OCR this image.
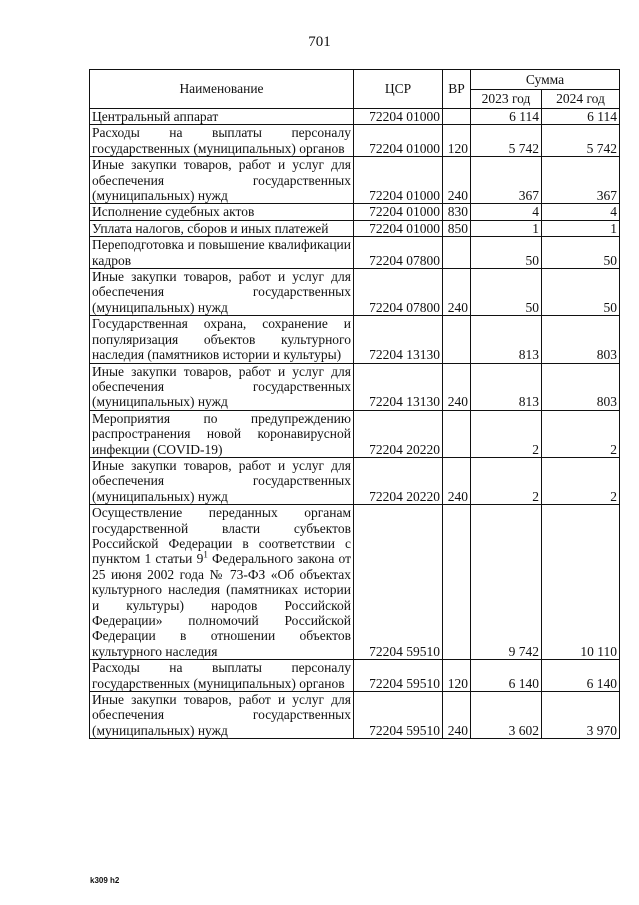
701
Наименование	ЦСР	ВР	Сумма	
			2023 год	2024 год
Центральный аппарат	72204 01000		6 114	6 114
Расходы на выплаты персоналу государственных (муниципальных) органов	72204 01000	120	5 742	5 742
Иные закупки товаров, работ и услуг для обеспечения государственных (муниципальных) нужд	72204 01000	240	367	367
Исполнение судебных актов	72204 01000	830	4	4
Уплата налогов, сборов и иных платежей	72204 01000	850	1	1
Переподготовка и повышение квалификации кадров	72204 07800		50	50
Иные закупки товаров, работ и услуг для обеспечения государственных (муниципальных) нужд	72204 07800	240	50	50
Государственная охрана, сохранение и популяризация объектов культурного наследия (памятников истории и культуры)	72204 13130		813	803
Иные закупки товаров, работ и услуг для обеспечения государственных (муниципальных) нужд	72204 13130	240	813	803
Мероприятия по предупреждению распространения новой коронавирусной инфекции (COVID-19)	72204 20220		2	2
Иные закупки товаров, работ и услуг для обеспечения государственных (муниципальных) нужд	72204 20220	240	2	2
Осуществление переданных органам государственной власти субъектов Российской Федерации в соответствии с пунктом 1 статьи $9^1$ Федерального закона от 25 июня 2002 года № 73-ФЗ «Об объектах культурного наследия (памятниках истории и культуры) народов Российской Федерации» полномочий Российской Федерации в отношении объектов культурного наследия	72204 59510		9 742	10 110
Расходы на выплаты персоналу государственных (муниципальных) органов	72204 59510	120	6 140	6 140
Иные закупки товаров, работ и услуг для обеспечения государственных (муниципальных) нужд	72204 59510	240	3 602	3 970
k309 h2
